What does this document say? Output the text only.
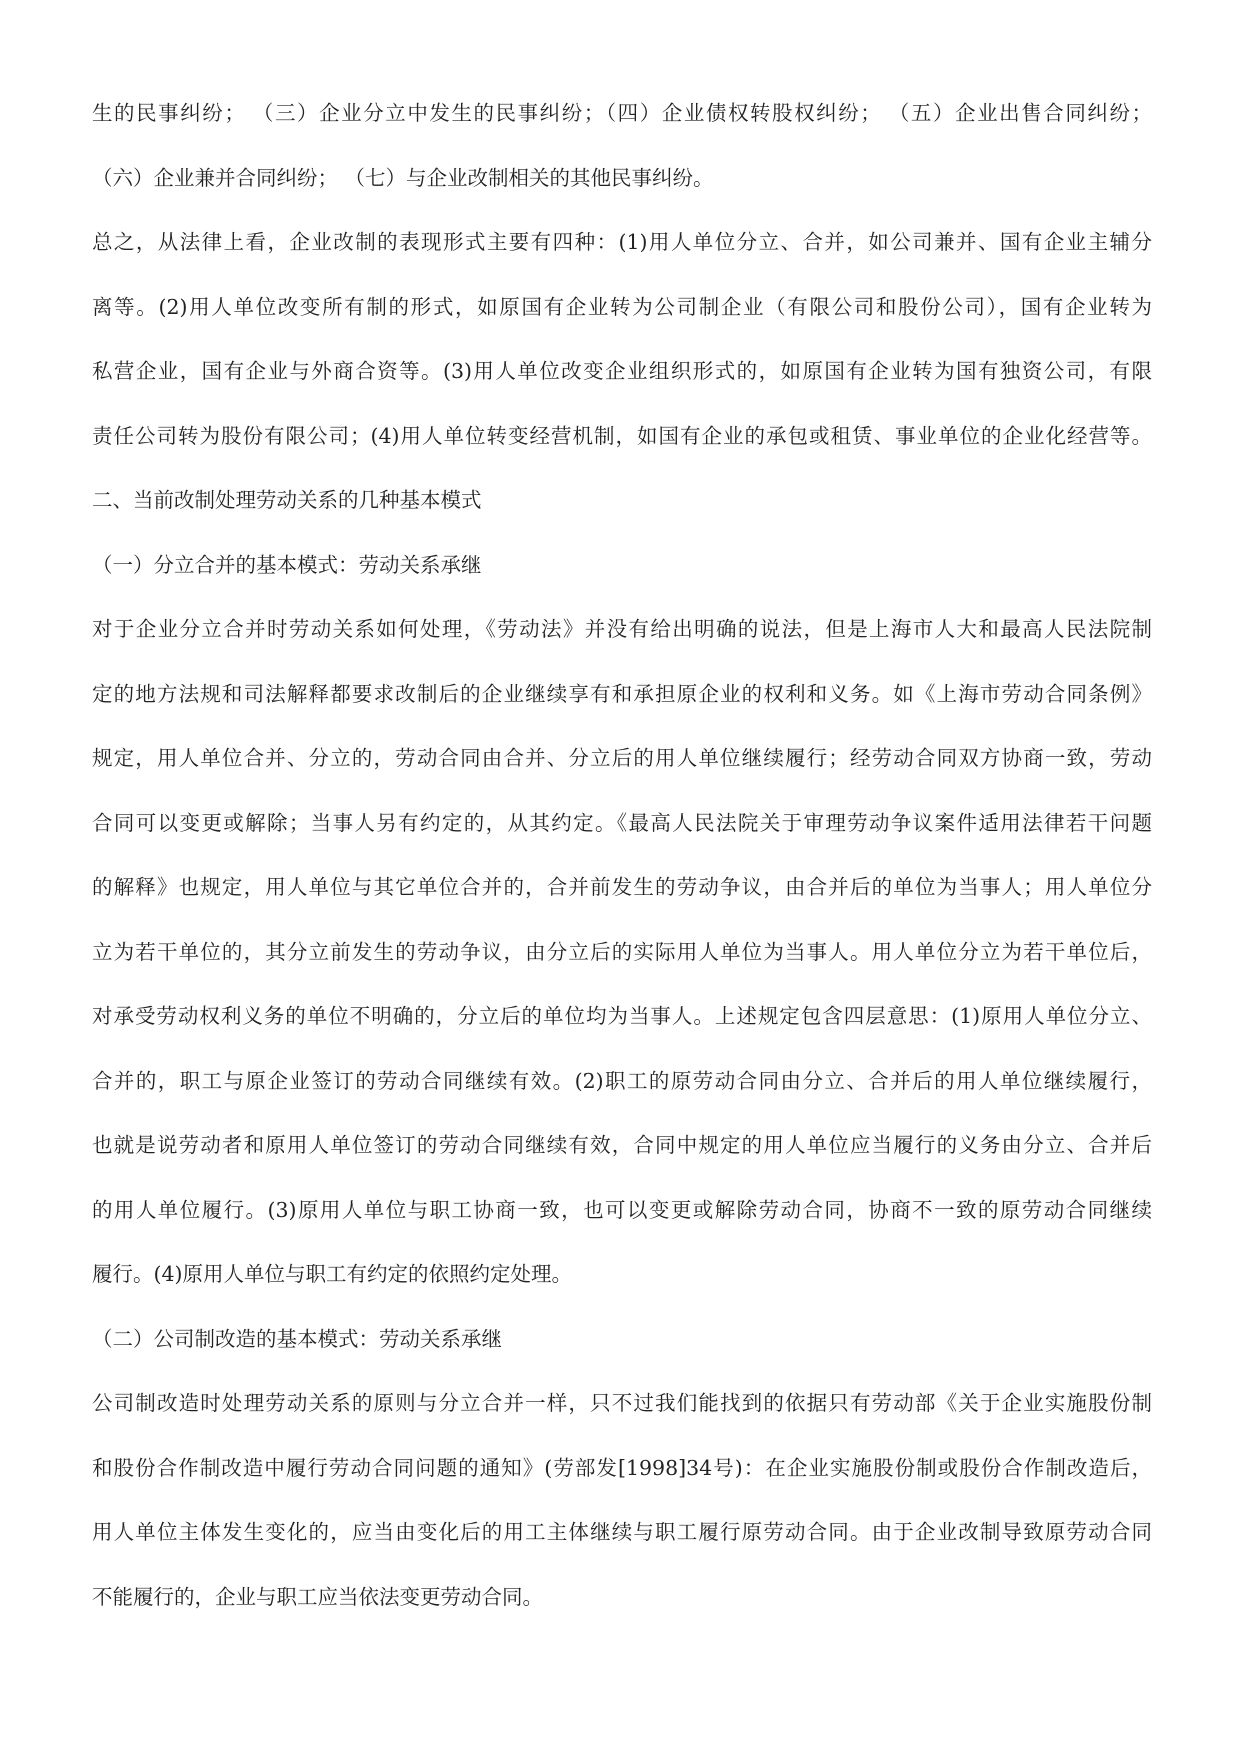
生的民事纠纷； （三）企业分立中发生的民事纠纷；（四）企业债权转股权纠纷； （五）企业出售合同纠纷；
（六）企业兼并合同纠纷； （七）与企业改制相关的其他民事纠纷。
总之，从法律上看，企业改制的表现形式主要有四种：(1)用人单位分立、合并，如公司兼并、国有企业主辅分
离等。(2)用人单位改变所有制的形式，如原国有企业转为公司制企业（有限公司和股份公司），国有企业转为
私营企业，国有企业与外商合资等。(3)用人单位改变企业组织形式的，如原国有企业转为国有独资公司，有限
责任公司转为股份有限公司；(4)用人单位转变经营机制，如国有企业的承包或租赁、事业单位的企业化经营等。
二、当前改制处理劳动关系的几种基本模式
（一）分立合并的基本模式：劳动关系承继
对于企业分立合并时劳动关系如何处理，《劳动法》并没有给出明确的说法，但是上海市人大和最高人民法院制
定的地方法规和司法解释都要求改制后的企业继续享有和承担原企业的权利和义务。如《上海市劳动合同条例》
规定，用人单位合并、分立的，劳动合同由合并、分立后的用人单位继续履行；经劳动合同双方协商一致，劳动
合同可以变更或解除；当事人另有约定的，从其约定。《最高人民法院关于审理劳动争议案件适用法律若干问题
的解释》也规定，用人单位与其它单位合并的，合并前发生的劳动争议，由合并后的单位为当事人；用人单位分
立为若干单位的，其分立前发生的劳动争议，由分立后的实际用人单位为当事人。用人单位分立为若干单位后，
对承受劳动权利义务的单位不明确的，分立后的单位均为当事人。上述规定包含四层意思：(1)原用人单位分立、
合并的，职工与原企业签订的劳动合同继续有效。(2)职工的原劳动合同由分立、合并后的用人单位继续履行，
也就是说劳动者和原用人单位签订的劳动合同继续有效，合同中规定的用人单位应当履行的义务由分立、合并后
的用人单位履行。(3)原用人单位与职工协商一致，也可以变更或解除劳动合同，协商不一致的原劳动合同继续
履行。(4)原用人单位与职工有约定的依照约定处理。
（二）公司制改造的基本模式：劳动关系承继
公司制改造时处理劳动关系的原则与分立合并一样，只不过我们能找到的依据只有劳动部《关于企业实施股份制
和股份合作制改造中履行劳动合同问题的通知》(劳部发[1998]34号)：在企业实施股份制或股份合作制改造后，
用人单位主体发生变化的，应当由变化后的用工主体继续与职工履行原劳动合同。由于企业改制导致原劳动合同
不能履行的，企业与职工应当依法变更劳动合同。
